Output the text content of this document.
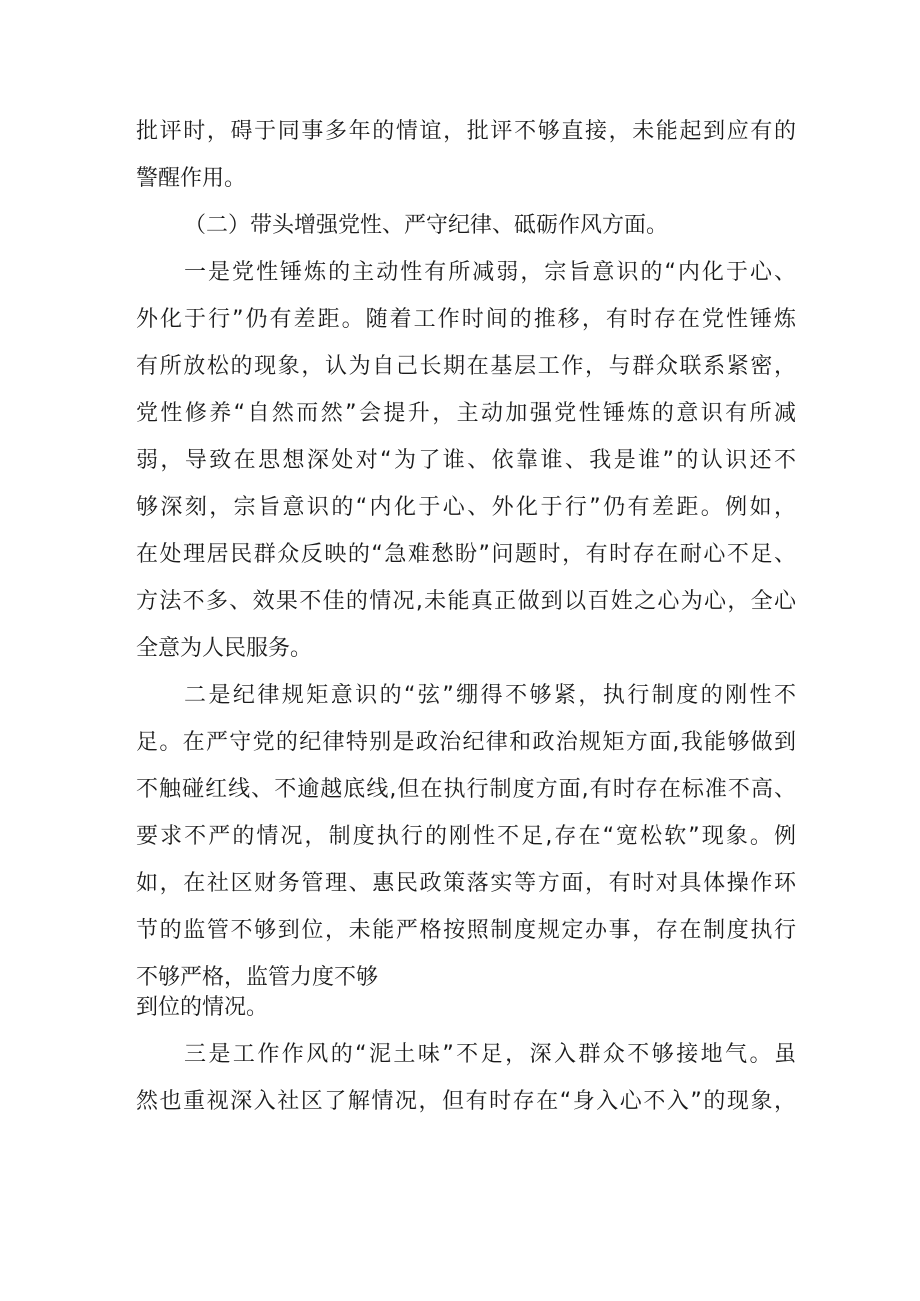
批评时，碍于同事多年的情谊，批评不够直接，未能起到应有的
警醒作用。
（二）带头增强党性、严守纪律、砥砺作风方面。
一是党性锤炼的主动性有所减弱，宗旨意识的“内化于心、
外化于行”仍有差距。随着工作时间的推移，有时存在党性锤炼
有所放松的现象，认为自己长期在基层工作，与群众联系紧密，
党性修养“自然而然”会提升，主动加强党性锤炼的意识有所减
弱，导致在思想深处对“为了谁、依靠谁、我是谁”的认识还不
够深刻，宗旨意识的“内化于心、外化于行”仍有差距。例如，
在处理居民群众反映的“急难愁盼”问题时，有时存在耐心不足、
方法不多、效果不佳的情况,未能真正做到以百姓之心为心，全心
全意为人民服务。
二是纪律规矩意识的“弦”绷得不够紧，执行制度的刚性不
足。在严守党的纪律特别是政治纪律和政治规矩方面,我能够做到
不触碰红线、不逾越底线,但在执行制度方面,有时存在标准不高、
要求不严的情况，制度执行的刚性不足,存在“宽松软”现象。例
如，在社区财务管理、惠民政策落实等方面，有时对具体操作环
节的监管不够到位，未能严格按照制度规定办事，存在制度执行
不够严格，监管力度不够
到位的情况。
三是工作作风的“泥土味”不足，深入群众不够接地气。虽
然也重视深入社区了解情况，但有时存在“身入心不入”的现象，
